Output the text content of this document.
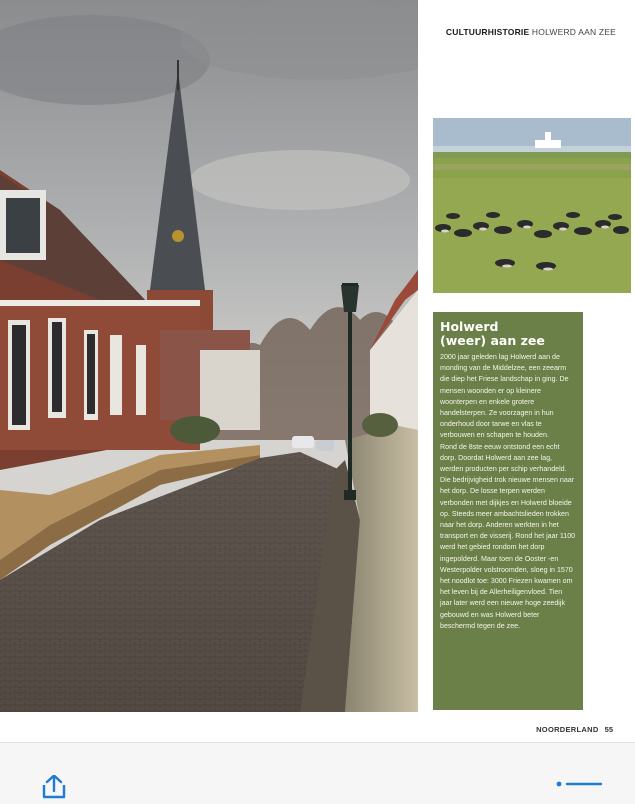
CULTUURHISTORIE HOLWERD AAN ZEE
Holwerd
(weer) aan zee

2000 jaar geleden lag Holwerd aan de monding van de Middelzee, een zeearm die diep het Friese landschap in ging. De mensen woonden er op kleinere woonterpen en enkele grotere handelsterpen. Ze voorzagen in hun onderhoud door tarwe en vlas te verbouwen en schapen te houden.

Rond de 8ste eeuw ontstond een echt dorp. Doordat Holwerd aan zee lag, werden producten per schip verhandeld. Die bedrijvigheid trok nieuwe mensen naar het dorp. De losse terpen werden verbonden met dijkjes en Holwerd bloeide op. Steeds meer ambachtslieden trokken naar het dorp. Anderen werkten in het transport en de visserij. Rond het jaar 1100 werd het gebied rondom het dorp ingepolderd. Maar toen de Ooster -en Westerpolder volstroomden, sloeg in 1570 het noodlot toe: 3000 Friezen kwamen om het leven bij de Allerheiligenvloed. Tien jaar later werd een nieuwe hoge zeedijk gebouwd en was Holwerd beter beschermd tegen de zee.

NOORDERLAND 55
